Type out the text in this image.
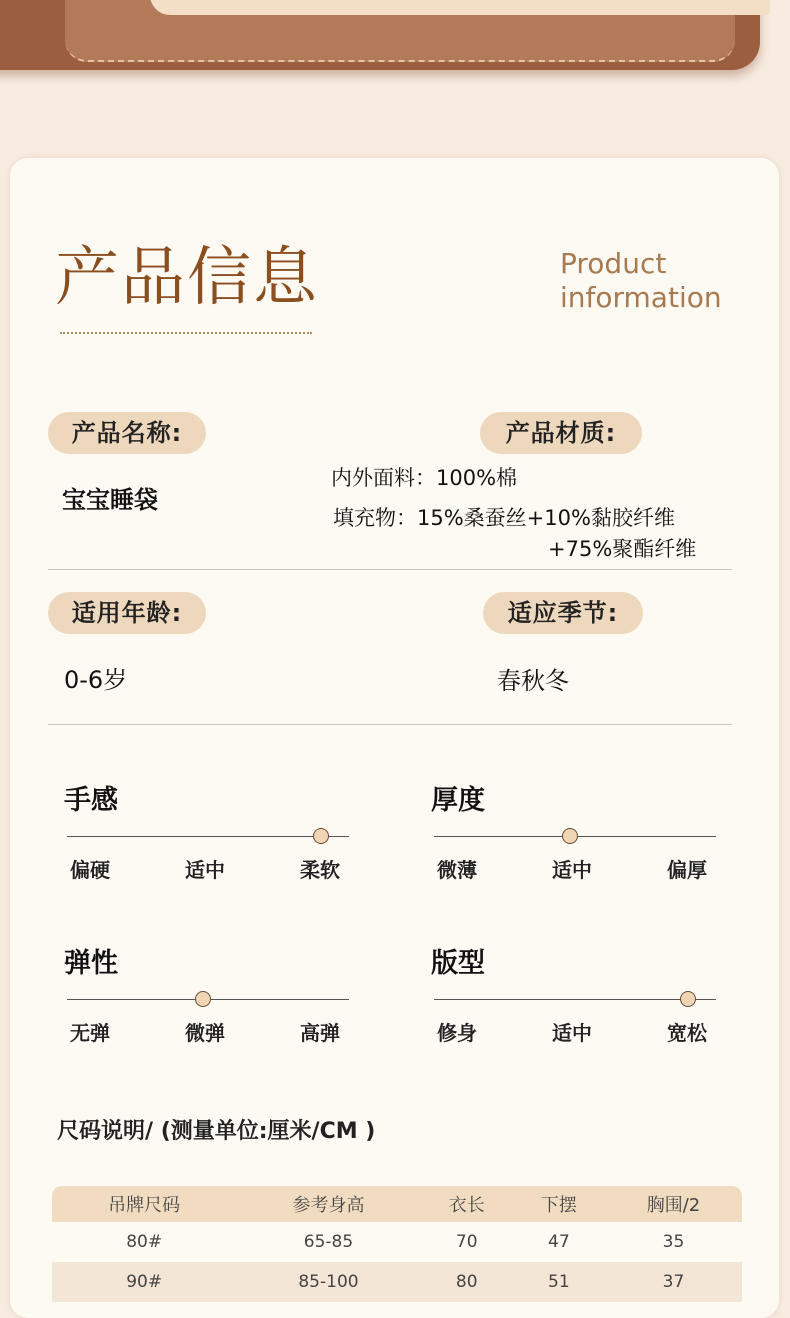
产品信息	Product
information
产品名称:

宝宝睡袋

产品材质:

内外面料：100%棉

填充物：15%桑蚕丝+10%黏胶纤维

+75%聚酯纤维

适用年龄:

0-6岁

适应季节:

春秋冬

手感

偏硬	适中	柔软

厚度

微薄	适中	偏厚

弹性

无弹	微弹	高弹

版型

修身	适中	宽松

尺码说明/ (测量单位:厘米/CM )

吊牌尺码	参考身高	衣长	下摆	胸围/2
80#	65-85	70	47	35
90#	85-100	80	51	37
